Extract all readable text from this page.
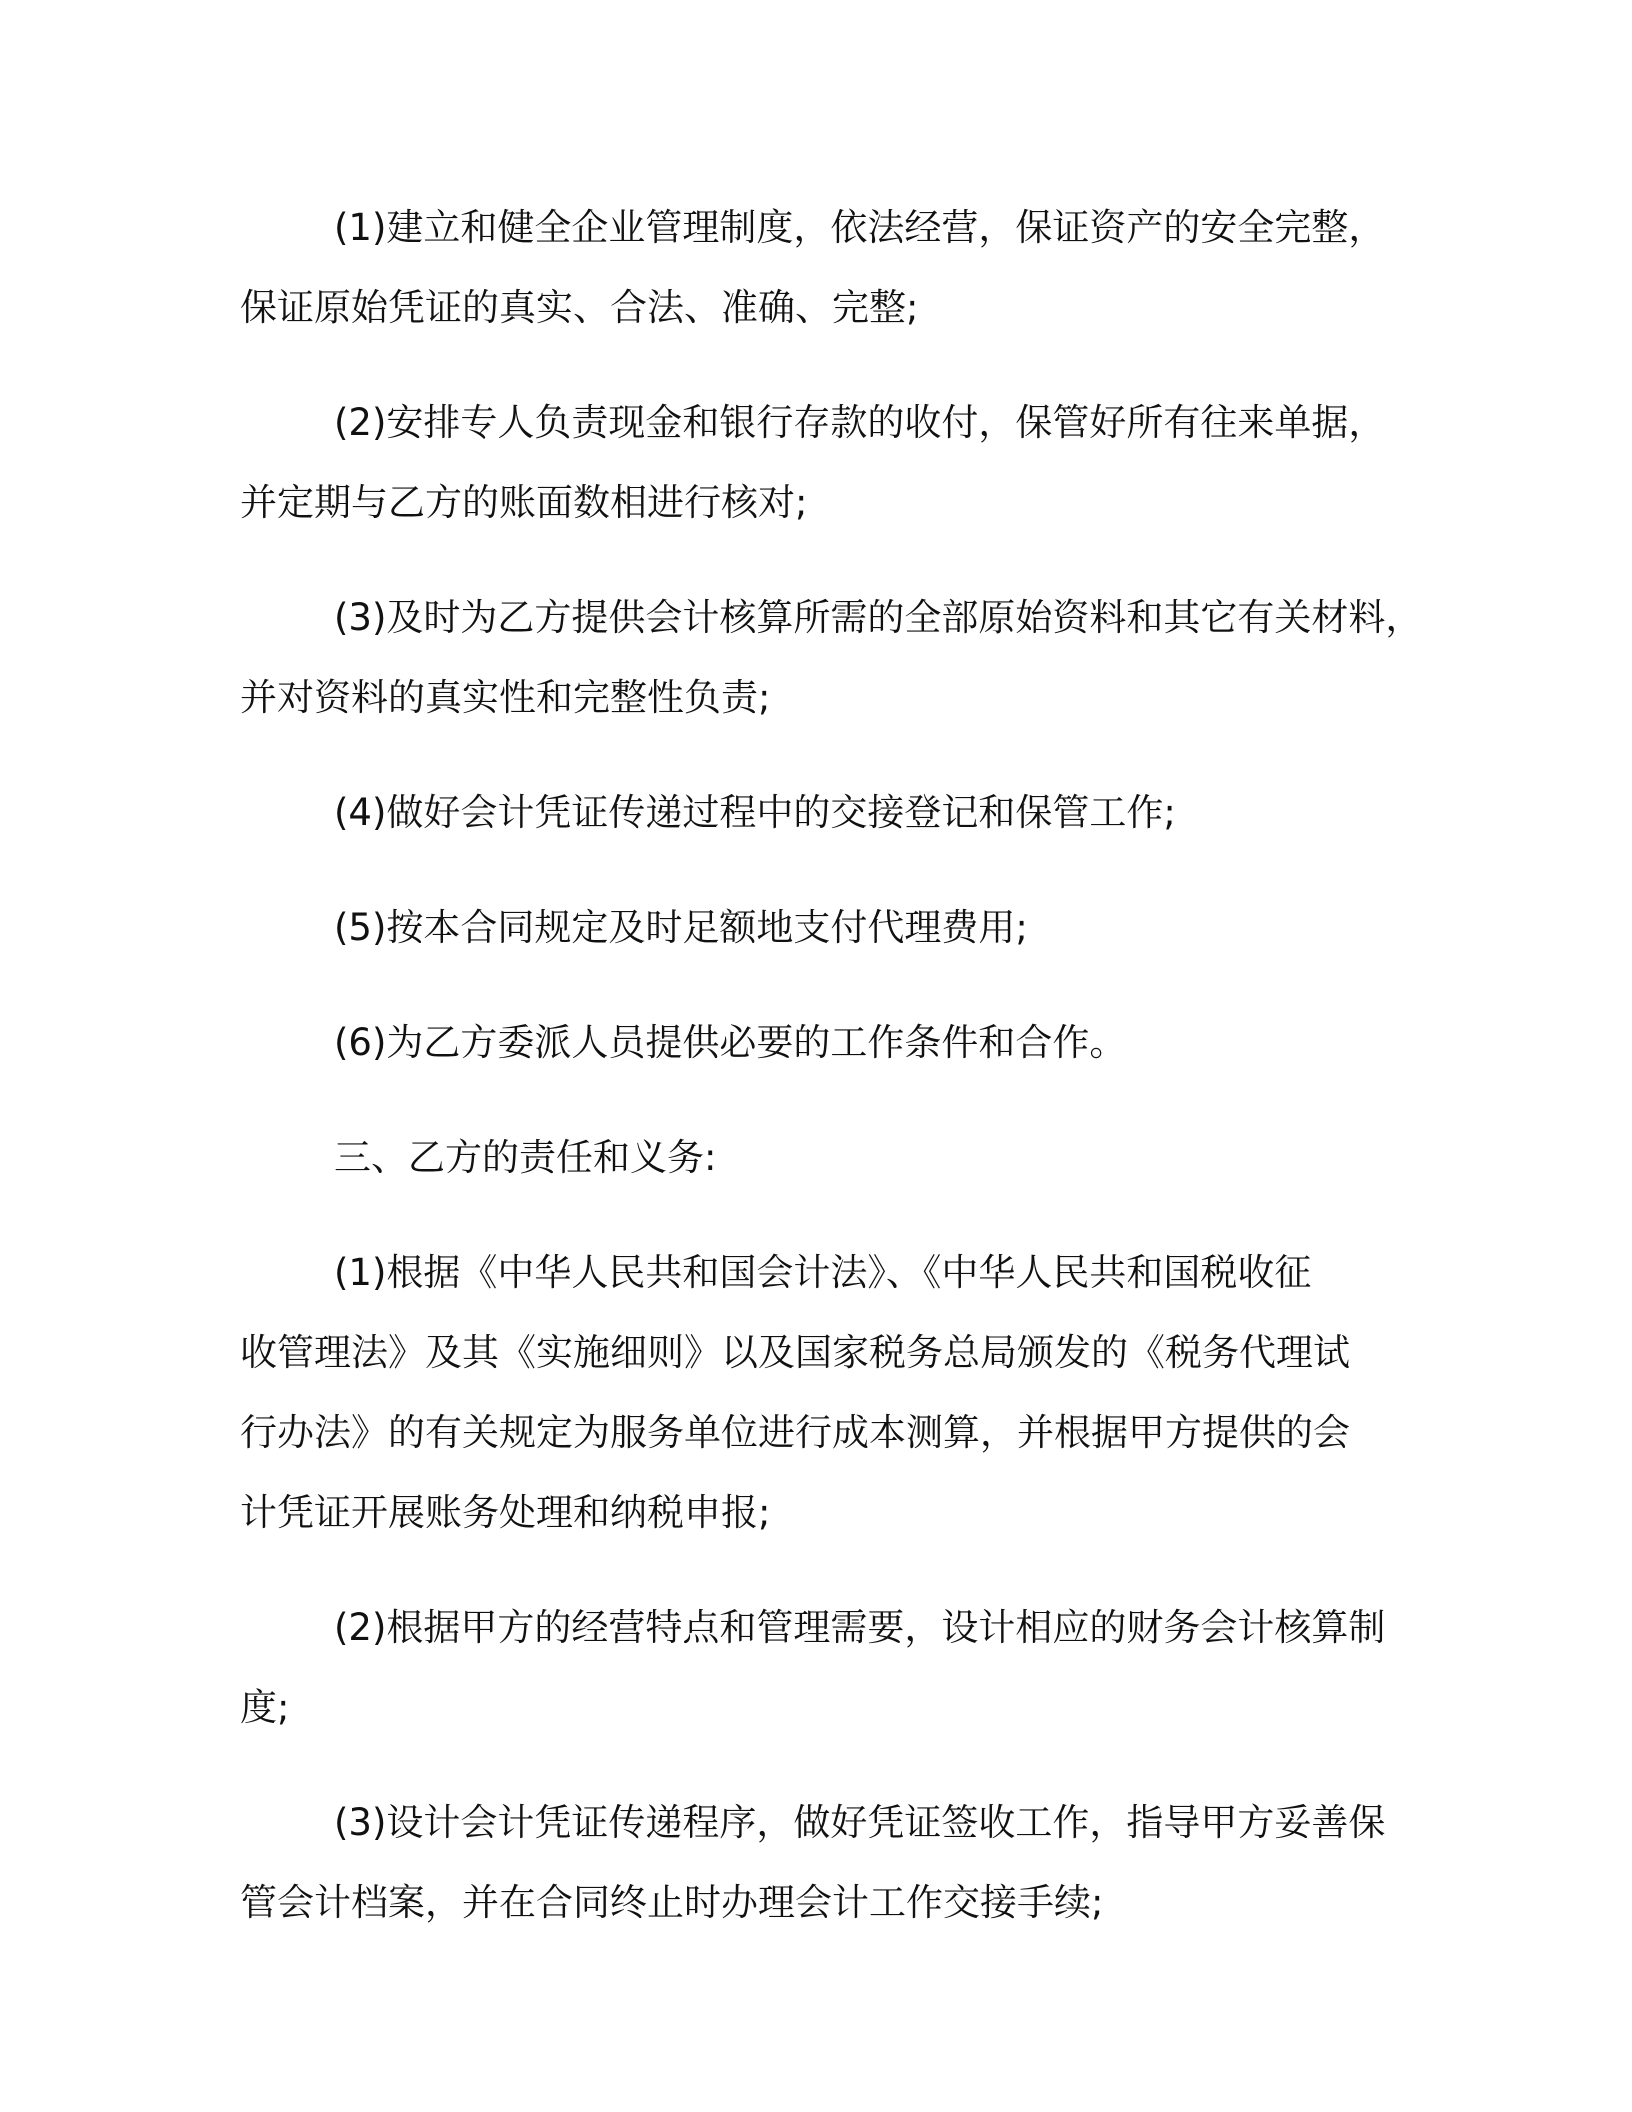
(1)建立和健全企业管理制度，依法经营，保证资产的安全完整，
保证原始凭证的真实、合法、准确、完整;

(2)安排专人负责现金和银行存款的收付，保管好所有往来单据，
并定期与乙方的账面数相进行核对;

(3)及时为乙方提供会计核算所需的全部原始资料和其它有关材料，
并对资料的真实性和完整性负责;

(4)做好会计凭证传递过程中的交接登记和保管工作;

(5)按本合同规定及时足额地支付代理费用;

(6)为乙方委派人员提供必要的工作条件和合作。

三、乙方的责任和义务:

(1)根据《中华人民共和国会计法》、《中华人民共和国税收征
收管理法》及其《实施细则》以及国家税务总局颁发的《税务代理试
行办法》的有关规定为服务单位进行成本测算，并根据甲方提供的会
计凭证开展账务处理和纳税申报;

(2)根据甲方的经营特点和管理需要，设计相应的财务会计核算制
度;

(3)设计会计凭证传递程序，做好凭证签收工作，指导甲方妥善保
管会计档案，并在合同终止时办理会计工作交接手续;
